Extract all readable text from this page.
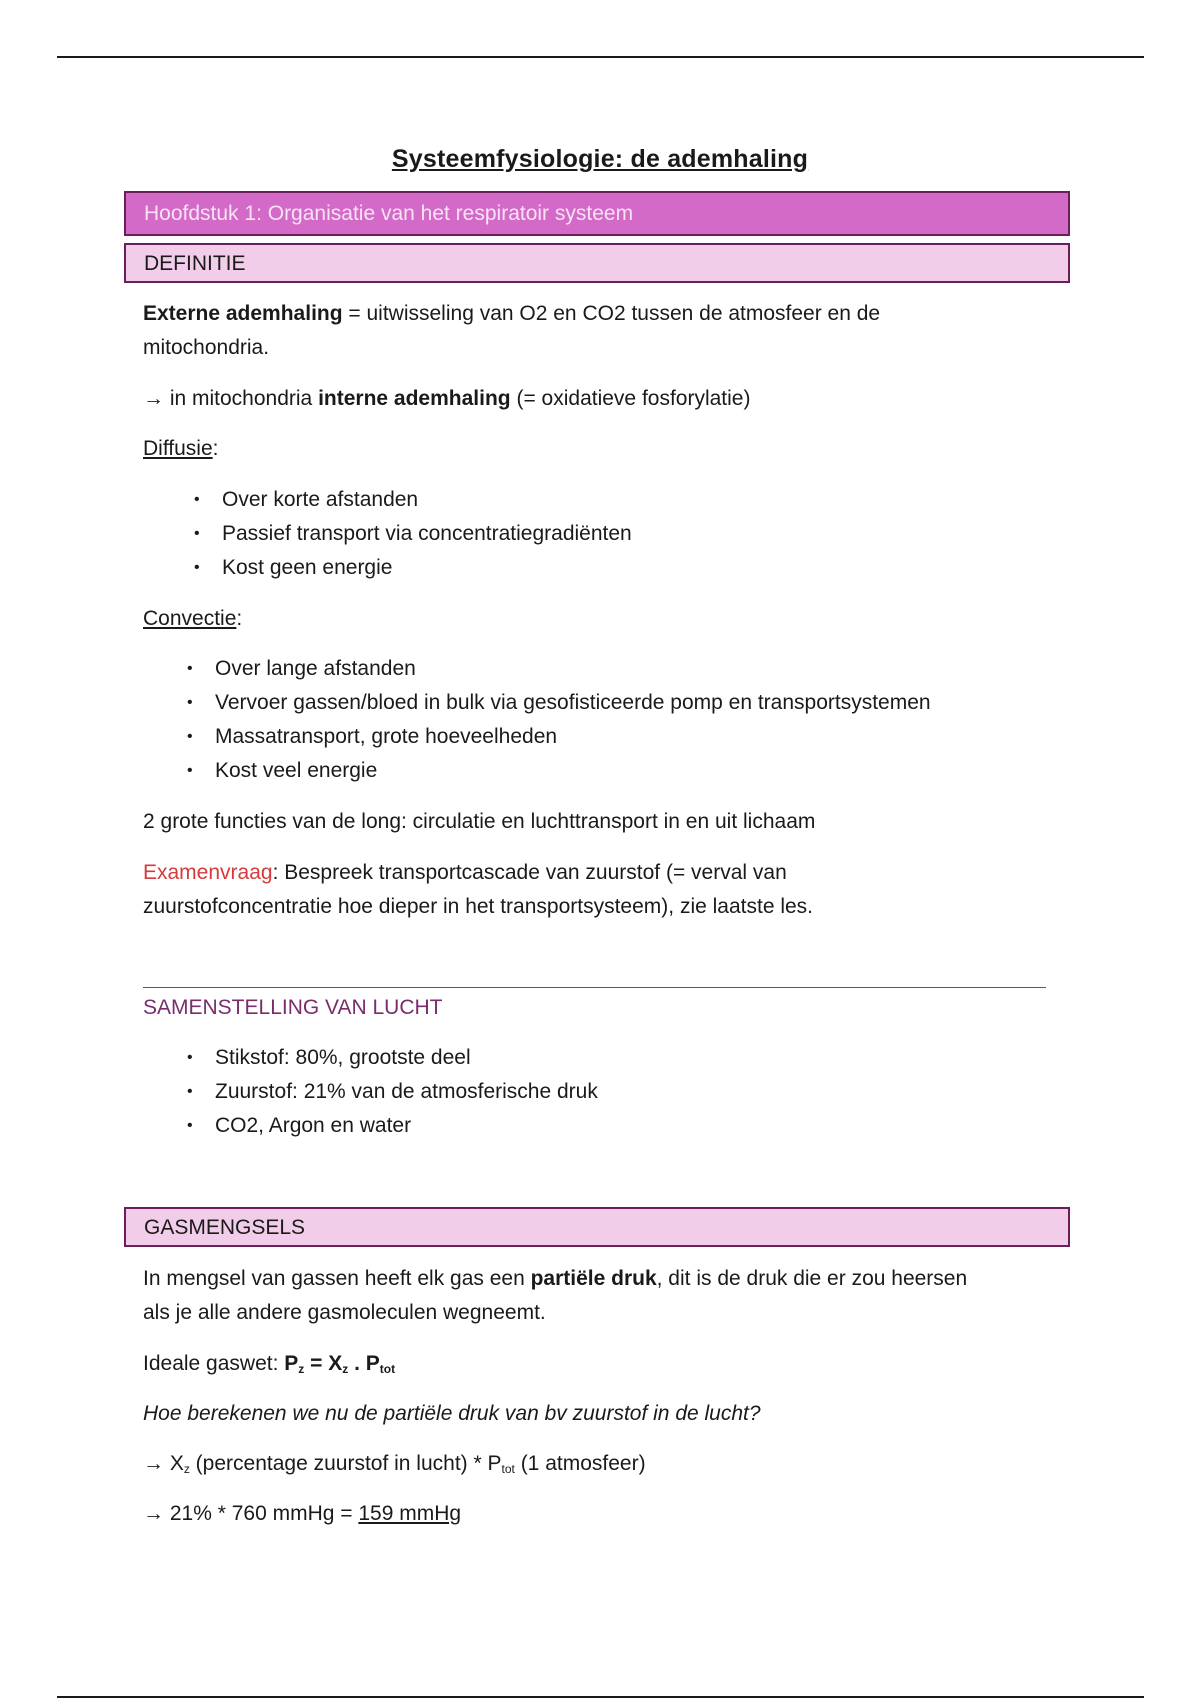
Systeemfysiologie: de ademhaling
Hoofdstuk 1: Organisatie van het respiratoir systeem
DEFINITIE
Externe ademhaling = uitwisseling van O2 en CO2 tussen de atmosfeer en de
mitochondria.
→ in mitochondria interne ademhaling (= oxidatieve fosforylatie)
Diffusie:
• Over korte afstanden
• Passief transport via concentratiegradiënten
• Kost geen energie
Convectie:
• Over lange afstanden
• Vervoer gassen/bloed in bulk via gesofisticeerde pomp en transportsystemen
• Massatransport, grote hoeveelheden
• Kost veel energie
2 grote functies van de long: circulatie en luchttransport in en uit lichaam
Examenvraag: Bespreek transportcascade van zuurstof (= verval van
zuurstofconcentratie hoe dieper in het transportsysteem), zie laatste les.
SAMENSTELLING VAN LUCHT
• Stikstof: 80%, grootste deel
• Zuurstof: 21% van de atmosferische druk
• CO2, Argon en water
GASMENGSELS
In mengsel van gassen heeft elk gas een partiële druk, dit is de druk die er zou heersen
als je alle andere gasmoleculen wegneemt.
Ideale gaswet: $P_z = X_z$ . $P_{tot}$
Hoe berekenen we nu de partiële druk van bv zuurstof in de lucht?
→ $X_z$ (percentage zuurstof in lucht) * $P_{tot}$ (1 atmosfeer)
→ 21% * 760 mmHg = 159 mmHg
